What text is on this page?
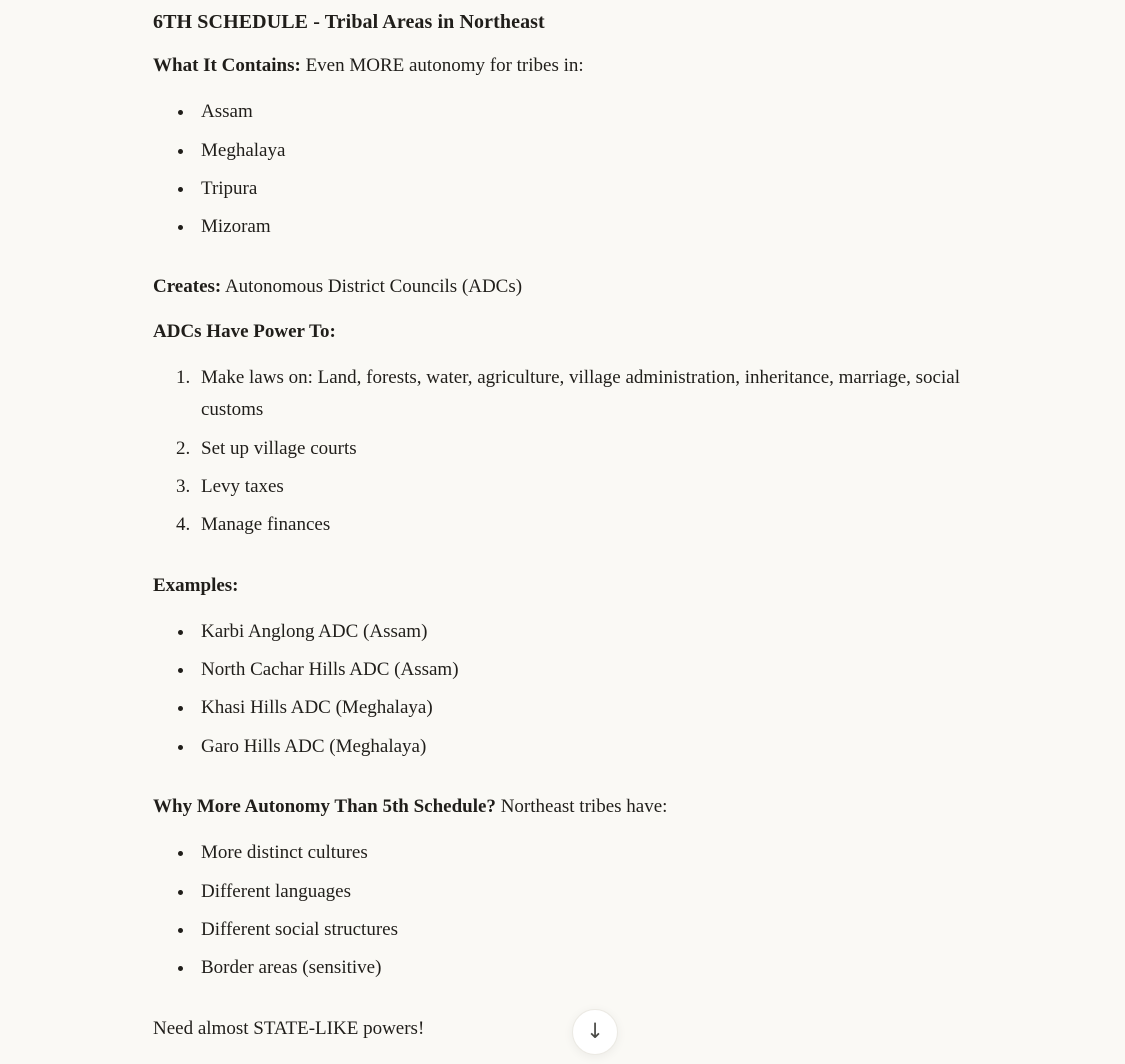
6TH SCHEDULE - Tribal Areas in Northeast

What It Contains: Even MORE autonomy for tribes in:

• Assam
• Meghalaya
• Tripura
• Mizoram

Creates: Autonomous District Councils (ADCs)

ADCs Have Power To:

1. Make laws on: Land, forests, water, agriculture, village administration, inheritance, marriage, social customs
2. Set up village courts
3. Levy taxes
4. Manage finances

Examples:

• Karbi Anglong ADC (Assam)
• North Cachar Hills ADC (Assam)
• Khasi Hills ADC (Meghalaya)
• Garo Hills ADC (Meghalaya)

Why More Autonomy Than 5th Schedule? Northeast tribes have:

• More distinct cultures
• Different languages
• Different social structures
• Border areas (sensitive)

Need almost STATE-LIKE powers!	↓
